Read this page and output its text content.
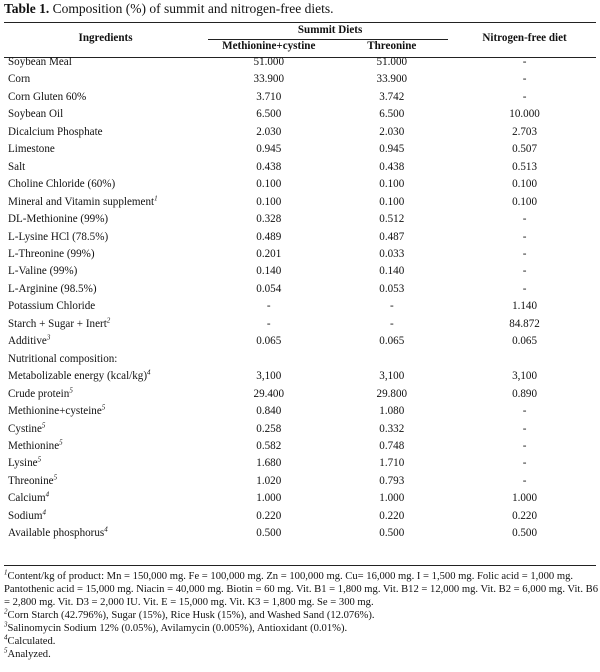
Table 1. Composition (%) of summit and nitrogen-free diets.
Ingredients	Summit Diets		Nitrogen-free diet
	Methionine+cystine	Threonine	
Soybean Meal	51.000	51.000	-
Corn	33.900	33.900	-
Corn Gluten 60%	3.710	3.742	-
Soybean Oil	6.500	6.500	10.000
Dicalcium Phosphate	2.030	2.030	2.703
Limestone	0.945	0.945	0.507
Salt	0.438	0.438	0.513
Choline Chloride (60%)	0.100	0.100	0.100
Mineral and Vitamin supplement$^1$	0.100	0.100	0.100
DL-Methionine (99%)	0.328	0.512	-
L-Lysine HCl (78.5%)	0.489	0.487	-
L-Threonine (99%)	0.201	0.033	-
L-Valine (99%)	0.140	0.140	-
L-Arginine (98.5%)	0.054	0.053	-
Potassium Chloride	-	-	1.140
Starch + Sugar + Inert$^2$	-	-	84.872
Additive$^3$	0.065	0.065	0.065
Nutritional composition:			
Metabolizable energy (kcal/kg)$^4$	3,100	3,100	3,100
Crude protein$^5$	29.400	29.800	0.890
Methionine+cysteine$^5$	0.840	1.080	-
Cystine$^5$	0.258	0.332	-
Methionine$^5$	0.582	0.748	-
Lysine$^5$	1.680	1.710	-
Threonine$^5$	1.020	0.793	-
Calcium$^4$	1.000	1.000	1.000
Sodium$^4$	0.220	0.220	0.220
Available phosphorus$^4$	0.500	0.500	0.500
$^1$Content/kg of product: Mn = 150,000 mg. Fe = 100,000 mg. Zn = 100,000 mg. Cu= 16,000 mg. I = 1,500 mg. Folic acid = 1,000 mg. Pantothenic acid = 15,000 mg. Niacin = 40,000 mg. Biotin = 60 mg. Vit. B1 = 1,800 mg. Vit. B12 = 12,000 mg. Vit. B2 = 6,000 mg. Vit. B6 = 2,800 mg. Vit. D3 = 2,000 IU. Vit. E = 15,000 mg. Vit. K3 = 1,800 mg. Se = 300 mg.
$^2$Corn Starch (42.796%), Sugar (15%), Rice Husk (15%), and Washed Sand (12.076%).
$^3$Salinomycin Sodium 12% (0.05%), Avilamycin (0.005%), Antioxidant (0.01%).
$^4$Calculated.
$^5$Analyzed.
